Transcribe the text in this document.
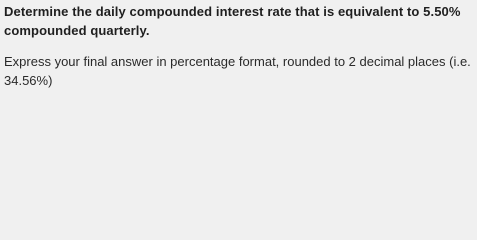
Determine the daily compounded interest rate that is equivalent to 5.50%
compounded quarterly.
Express your final answer in percentage format, rounded to 2 decimal places (i.e.
34.56%)
